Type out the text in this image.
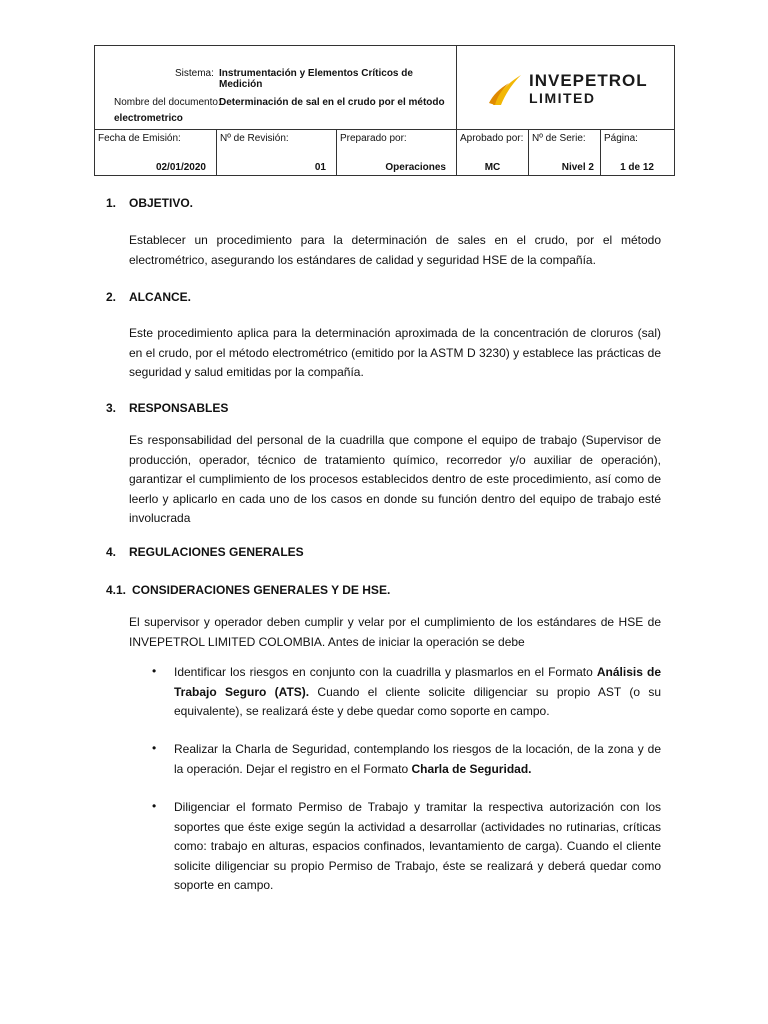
Sistema: Instrumentación y Elementos Críticos de Medición
Nombre del documento:
Determinación de sal en el crudo por el método
electrometrico
INVEPETROL
LIMITED
Fecha de Emisión:
02/01/2020
Nº de Revisión:
01
Preparado por:
Operaciones
Aprobado por:
MC
Nº de Serie:
Nivel 2
Página:
1 de 12
1. OBJETIVO.
Establecer un procedimiento para la determinación de sales en el crudo, por el método electrométrico, asegurando los estándares de calidad y seguridad HSE de la compañía.
2. ALCANCE.
Este procedimiento aplica para la determinación aproximada de la concentración de cloruros (sal) en el crudo, por el método electrométrico (emitido por la ASTM D 3230) y establece las prácticas de seguridad y salud emitidas por la compañía.
3. RESPONSABLES
Es responsabilidad del personal de la cuadrilla que compone el equipo de trabajo (Supervisor de producción, operador, técnico de tratamiento químico, recorredor y/o auxiliar de operación), garantizar el cumplimiento de los procesos establecidos dentro de este procedimiento, así como de leerlo y aplicarlo en cada uno de los casos en donde su función dentro del equipo de trabajo esté involucrada
4. REGULACIONES GENERALES
4.1. CONSIDERACIONES GENERALES Y DE HSE.
El supervisor y operador deben cumplir y velar por el cumplimiento de los estándares de HSE de INVEPETROL LIMITED COLOMBIA. Antes de iniciar la operación se debe
• Identificar los riesgos en conjunto con la cuadrilla y plasmarlos en el Formato Análisis de Trabajo Seguro (ATS). Cuando el cliente solicite diligenciar su propio AST (o su equivalente), se realizará éste y debe quedar como soporte en campo.
• Realizar la Charla de Seguridad, contemplando los riesgos de la locación, de la zona y de la operación. Dejar el registro en el Formato Charla de Seguridad.
• Diligenciar el formato Permiso de Trabajo y tramitar la respectiva autorización con los soportes que éste exige según la actividad a desarrollar (actividades no rutinarias, críticas como: trabajo en alturas, espacios confinados, levantamiento de carga). Cuando el cliente solicite diligenciar su propio Permiso de Trabajo, éste se realizará y deberá quedar como soporte en campo.
